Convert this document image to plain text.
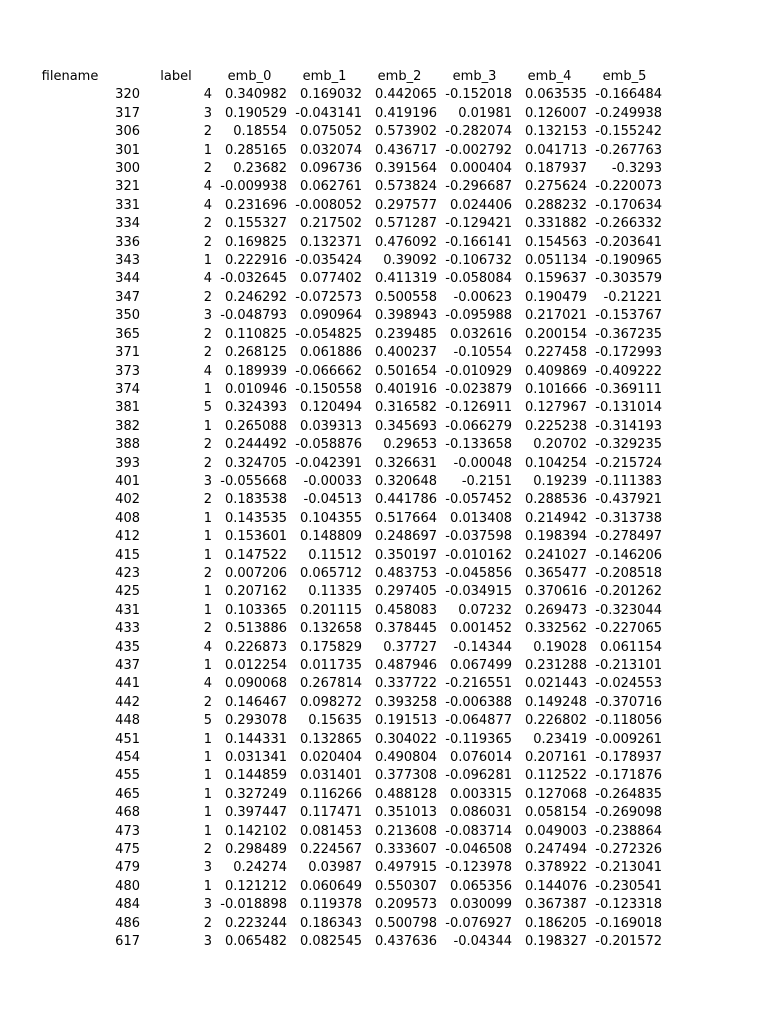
filename	label	emb_0	emb_1	emb_2	emb_3	emb_4	emb_5
320	4	0.340982	0.169032	0.442065	-0.152018	0.063535	-0.166484
317	3	0.190529	-0.043141	0.419196	0.01981	0.126007	-0.249938
306	2	0.18554	0.075052	0.573902	-0.282074	0.132153	-0.155242
301	1	0.285165	0.032074	0.436717	-0.002792	0.041713	-0.267763
300	2	0.23682	0.096736	0.391564	0.000404	0.187937	-0.3293
321	4	-0.009938	0.062761	0.573824	-0.296687	0.275624	-0.220073
331	4	0.231696	-0.008052	0.297577	0.024406	0.288232	-0.170634
334	2	0.155327	0.217502	0.571287	-0.129421	0.331882	-0.266332
336	2	0.169825	0.132371	0.476092	-0.166141	0.154563	-0.203641
343	1	0.222916	-0.035424	0.39092	-0.106732	0.051134	-0.190965
344	4	-0.032645	0.077402	0.411319	-0.058084	0.159637	-0.303579
347	2	0.246292	-0.072573	0.500558	-0.00623	0.190479	-0.21221
350	3	-0.048793	0.090964	0.398943	-0.095988	0.217021	-0.153767
365	2	0.110825	-0.054825	0.239485	0.032616	0.200154	-0.367235
371	2	0.268125	0.061886	0.400237	-0.10554	0.227458	-0.172993
373	4	0.189939	-0.066662	0.501654	-0.010929	0.409869	-0.409222
374	1	0.010946	-0.150558	0.401916	-0.023879	0.101666	-0.369111
381	5	0.324393	0.120494	0.316582	-0.126911	0.127967	-0.131014
382	1	0.265088	0.039313	0.345693	-0.066279	0.225238	-0.314193
388	2	0.244492	-0.058876	0.29653	-0.133658	0.20702	-0.329235
393	2	0.324705	-0.042391	0.326631	-0.00048	0.104254	-0.215724
401	3	-0.055668	-0.00033	0.320648	-0.2151	0.19239	-0.111383
402	2	0.183538	-0.04513	0.441786	-0.057452	0.288536	-0.437921
408	1	0.143535	0.104355	0.517664	0.013408	0.214942	-0.313738
412	1	0.153601	0.148809	0.248697	-0.037598	0.198394	-0.278497
415	1	0.147522	0.11512	0.350197	-0.010162	0.241027	-0.146206
423	2	0.007206	0.065712	0.483753	-0.045856	0.365477	-0.208518
425	1	0.207162	0.11335	0.297405	-0.034915	0.370616	-0.201262
431	1	0.103365	0.201115	0.458083	0.07232	0.269473	-0.323044
433	2	0.513886	0.132658	0.378445	0.001452	0.332562	-0.227065
435	4	0.226873	0.175829	0.37727	-0.14344	0.19028	0.061154
437	1	0.012254	0.011735	0.487946	0.067499	0.231288	-0.213101
441	4	0.090068	0.267814	0.337722	-0.216551	0.021443	-0.024553
442	2	0.146467	0.098272	0.393258	-0.006388	0.149248	-0.370716
448	5	0.293078	0.15635	0.191513	-0.064877	0.226802	-0.118056
451	1	0.144331	0.132865	0.304022	-0.119365	0.23419	-0.009261
454	1	0.031341	0.020404	0.490804	0.076014	0.207161	-0.178937
455	1	0.144859	0.031401	0.377308	-0.096281	0.112522	-0.171876
465	1	0.327249	0.116266	0.488128	0.003315	0.127068	-0.264835
468	1	0.397447	0.117471	0.351013	0.086031	0.058154	-0.269098
473	1	0.142102	0.081453	0.213608	-0.083714	0.049003	-0.238864
475	2	0.298489	0.224567	0.333607	-0.046508	0.247494	-0.272326
479	3	0.24274	0.03987	0.497915	-0.123978	0.378922	-0.213041
480	1	0.121212	0.060649	0.550307	0.065356	0.144076	-0.230541
484	3	-0.018898	0.119378	0.209573	0.030099	0.367387	-0.123318
486	2	0.223244	0.186343	0.500798	-0.076927	0.186205	-0.169018
617	3	0.065482	0.082545	0.437636	-0.04344	0.198327	-0.201572
